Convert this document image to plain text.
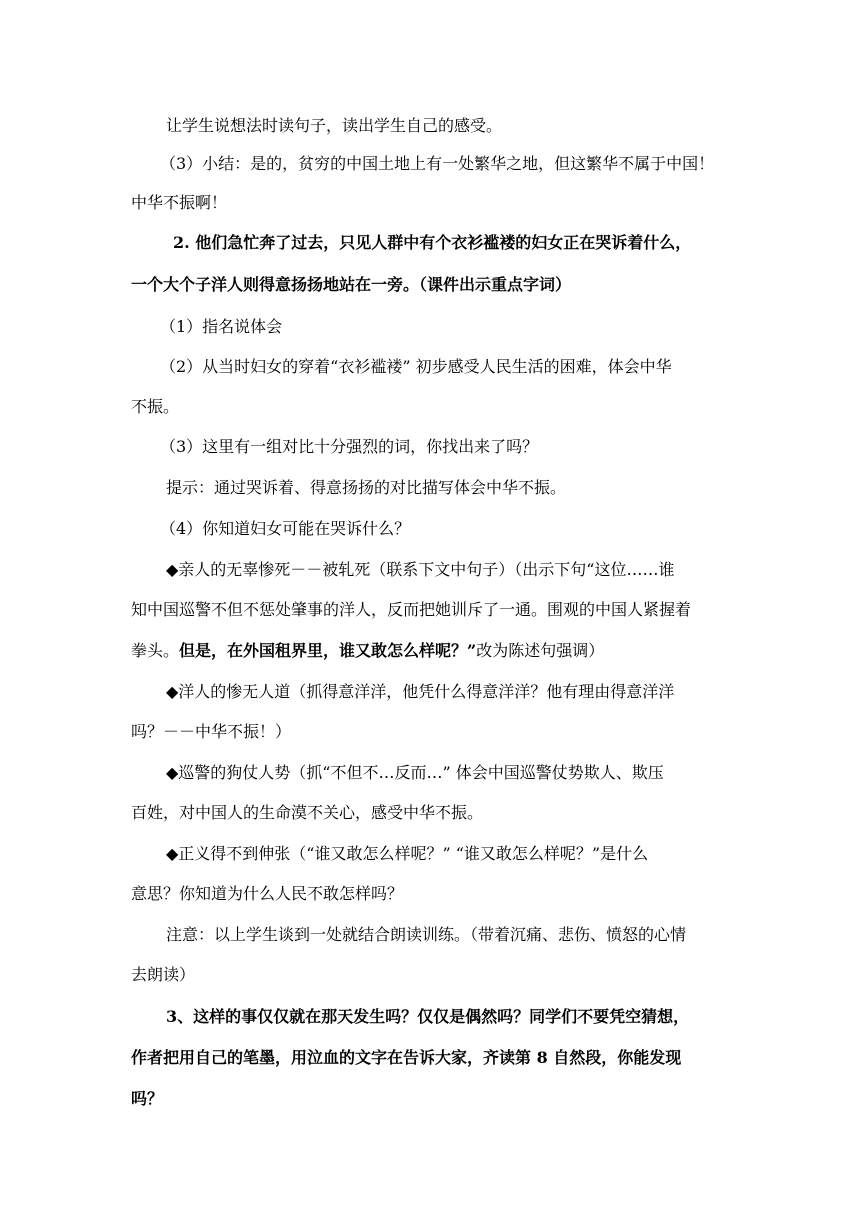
让学生说想法时读句子，读出学生自己的感受。
（3）小结：是的，贫穷的中国土地上有一处繁华之地，但这繁华不属于中国！
中华不振啊！
2. 他们急忙奔了过去，只见人群中有个衣衫褴褛的妇女正在哭诉着什么，
一个大个子洋人则得意扬扬地站在一旁。（课件出示重点字词）
（1）指名说体会
（2）从当时妇女的穿着“衣衫褴褛” 初步感受人民生活的困难，体会中华
不振。
（3）这里有一组对比十分强烈的词，你找出来了吗？
提示：通过哭诉着、得意扬扬的对比描写体会中华不振。
（4）你知道妇女可能在哭诉什么？
◆亲人的无辜惨死－－被轧死（联系下文中句子）（出示下句“这位……谁
知中国巡警不但不惩处肇事的洋人，反而把她训斥了一通。围观的中国人紧握着
拳头。但是，在外国租界里，谁又敢怎么样呢？”改为陈述句强调）
◆洋人的惨无人道（抓得意洋洋，他凭什么得意洋洋？他有理由得意洋洋
吗？－－中华不振！）
◆巡警的狗仗人势（抓“不但不…反而…” 体会中国巡警仗势欺人、欺压
百姓，对中国人的生命漠不关心，感受中华不振。
◆正义得不到伸张（“谁又敢怎么样呢？” “谁又敢怎么样呢？”是什么
意思？你知道为什么人民不敢怎样吗？
注意：以上学生谈到一处就结合朗读训练。（带着沉痛、悲伤、愤怒的心情
去朗读）
3、这样的事仅仅就在那天发生吗？仅仅是偶然吗？同学们不要凭空猜想，
作者把用自己的笔墨，用泣血的文字在告诉大家，齐读第 8 自然段，你能发现
吗？
